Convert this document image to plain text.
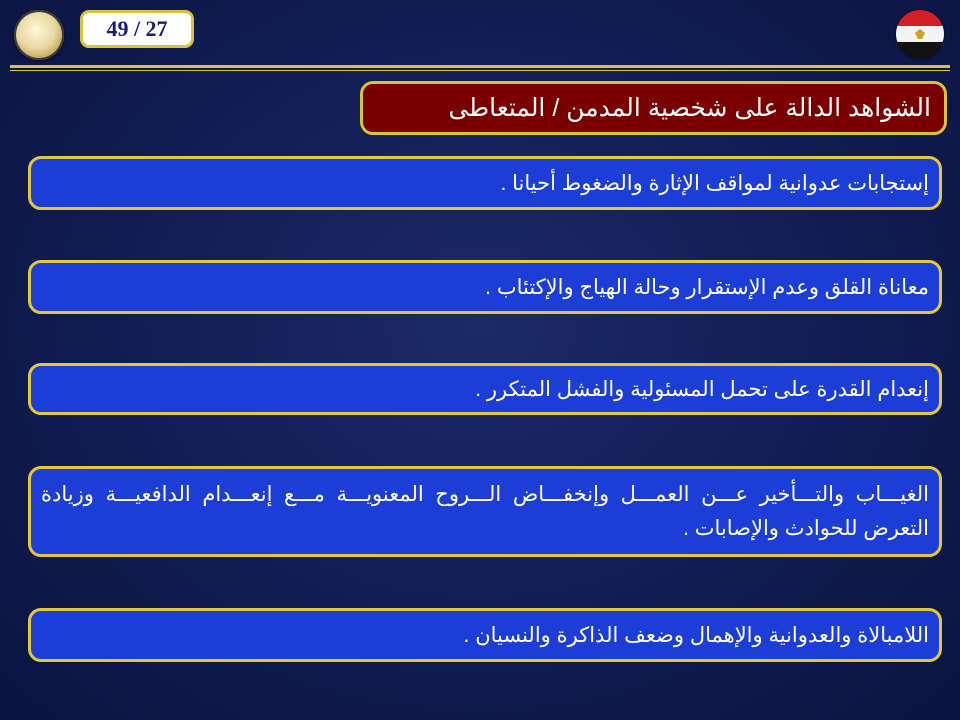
49 / 27
الشواهد الدالة على شخصية المدمن / المتعاطى
إستجابات عدوانية لمواقف الإثارة والضغوط أحيانا .
معاناة القلق وعدم الإستقرار وحالة الهياج والإكتئاب .
إنعدام القدرة على تحمل المسئولية والفشل المتكرر .
الغيـــاب والتـــأخير عـــن العمـــل وإنخفـــاض الـــروح المعنويـــة مـــع إنعـــدام الدافعيـــة وزيادة التعرض للحوادث والإصابات .
اللامبالاة والعدوانية والإهمال وضعف الذاكرة والنسيان .
